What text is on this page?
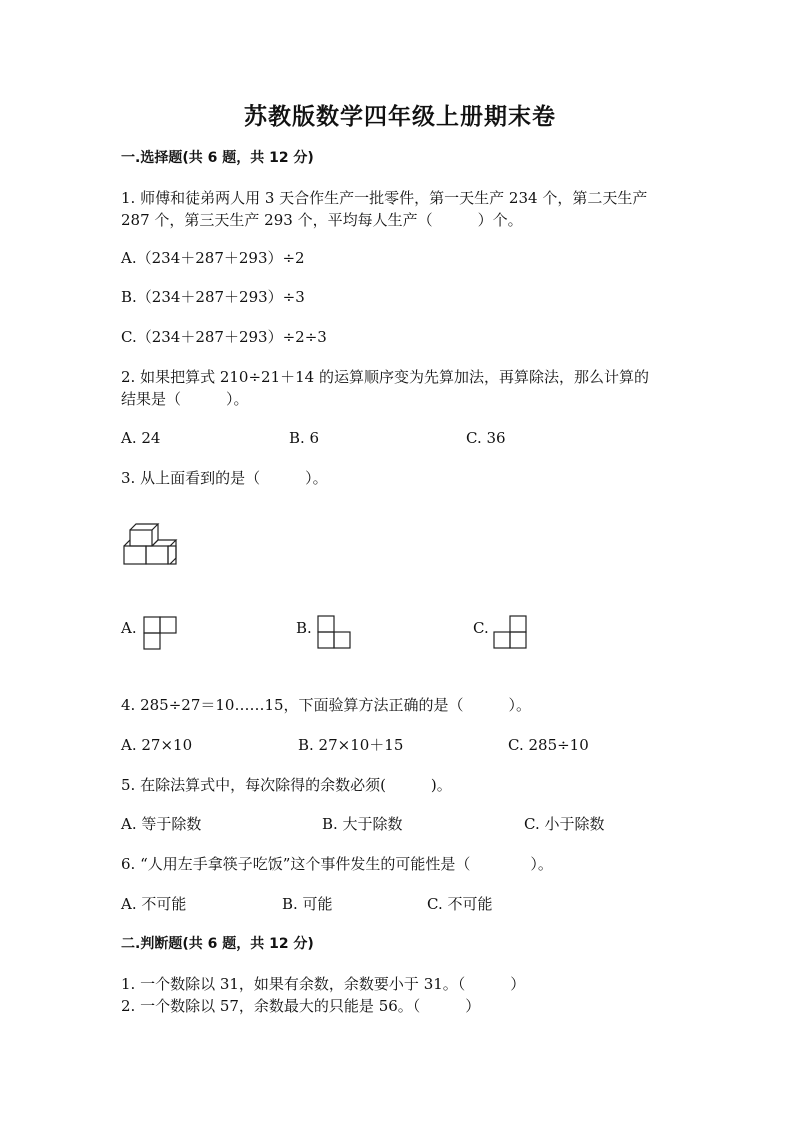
苏教版数学四年级上册期末卷
一.选择题(共 6 题，共 12 分)
1. 师傅和徒弟两人用 3 天合作生产一批零件，第一天生产 234 个，第二天生产
287 个，第三天生产 293 个，平均每人生产（　　　）个。
A.（234＋287＋293）÷2
B.（234＋287＋293）÷3
C.（234＋287＋293）÷2÷3
2. 如果把算式 210÷21＋14 的运算顺序变为先算加法，再算除法，那么计算的
结果是（　　　）。
A. 24	B. 6	C. 36
3. 从上面看到的是（　　　）。
A.	B.	C.
4. 285÷27＝10……15，下面验算方法正确的是（　　　）。
A. 27×10	B. 27×10＋15	C. 285÷10
5. 在除法算式中，每次除得的余数必须(　　　)。
A. 等于除数	B. 大于除数	C. 小于除数
6. “人用左手拿筷子吃饭”这个事件发生的可能性是（　　　　）。
A. 不可能	B. 可能	C. 不可能
二.判断题(共 6 题，共 12 分)
1. 一个数除以 31，如果有余数，余数要小于 31。（　　　）
2. 一个数除以 57，余数最大的只能是 56。（　　　）
